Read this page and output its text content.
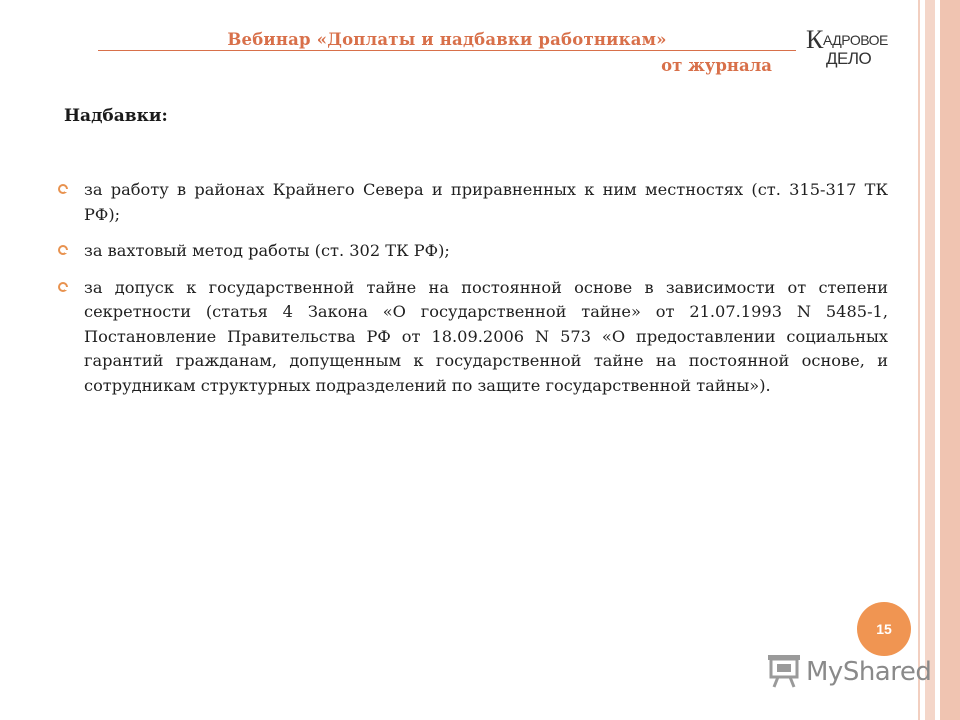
Вебинар «Доплаты и надбавки работникам»
от журнала
К АДРОВОЕ
ДЕЛО
Надбавки:
за работу в районах Крайнего Севера и приравненных к ним местностях (ст. 315-317 ТК РФ);
за вахтовый метод работы (ст. 302 ТК РФ);
за допуск к государственной тайне на постоянной основе в зависимости от степени секретности (статья 4 Закона «О государственной тайне» от 21.07.1993 N 5485-1, Постановление Правительства РФ от 18.09.2006 N 573 «О предоставлении социальных гарантий гражданам, допущенным к государственной тайне на постоянной основе, и сотрудникам структурных подразделений по защите государственной тайны»).
15
MyShared
